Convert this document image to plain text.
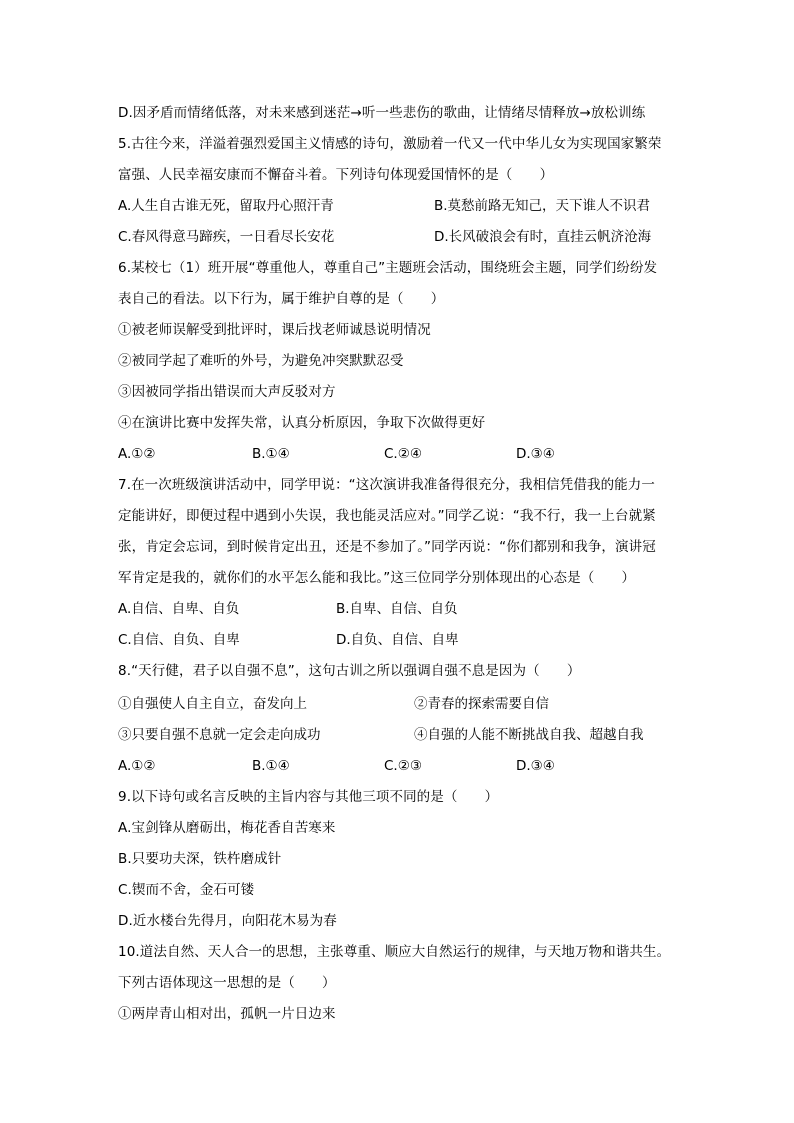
D.因矛盾而情绪低落，对未来感到迷茫→听一些悲伤的歌曲，让情绪尽情释放→放松训练
5.古往今来，洋溢着强烈爱国主义情感的诗句，激励着一代又一代中华儿女为实现国家繁荣
富强、人民幸福安康而不懈奋斗着。下列诗句体现爱国情怀的是（　　）
A.人生自古谁无死，留取丹心照汗青	B.莫愁前路无知己，天下谁人不识君
C.春风得意马蹄疾，一日看尽长安花	D.长风破浪会有时，直挂云帆济沧海
6.某校七（1）班开展“尊重他人，尊重自己”主题班会活动，围绕班会主题，同学们纷纷发
表自己的看法。以下行为，属于维护自尊的是（　　）
①被老师误解受到批评时，课后找老师诚恳说明情况
②被同学起了难听的外号，为避免冲突默默忍受
③因被同学指出错误而大声反驳对方
④在演讲比赛中发挥失常，认真分析原因，争取下次做得更好
A.①②	B.①④	C.②④	D.③④
7.在一次班级演讲活动中，同学甲说：“这次演讲我准备得很充分，我相信凭借我的能力一
定能讲好，即便过程中遇到小失误，我也能灵活应对。”同学乙说：“我不行，我一上台就紧
张，肯定会忘词，到时候肯定出丑，还是不参加了。”同学丙说：“你们都别和我争，演讲冠
军肯定是我的，就你们的水平怎么能和我比。”这三位同学分别体现出的心态是（　　）
A.自信、自卑、自负	B.自卑、自信、自负
C.自信、自负、自卑	D.自负、自信、自卑
8.“天行健，君子以自强不息”，这句古训之所以强调自强不息是因为（　　）
①自强使人自主自立，奋发向上	②青春的探索需要自信
③只要自强不息就一定会走向成功	④自强的人能不断挑战自我、超越自我
A.①②	B.①④	C.②③	D.③④
9.以下诗句或名言反映的主旨内容与其他三项不同的是（　　）
A.宝剑锋从磨砺出，梅花香自苦寒来
B.只要功夫深，铁杵磨成针
C.锲而不舍，金石可镂
D.近水楼台先得月，向阳花木易为春
10.道法自然、天人合一的思想，主张尊重、顺应大自然运行的规律，与天地万物和谐共生。
下列古语体现这一思想的是（　　）
①两岸青山相对出，孤帆一片日边来
